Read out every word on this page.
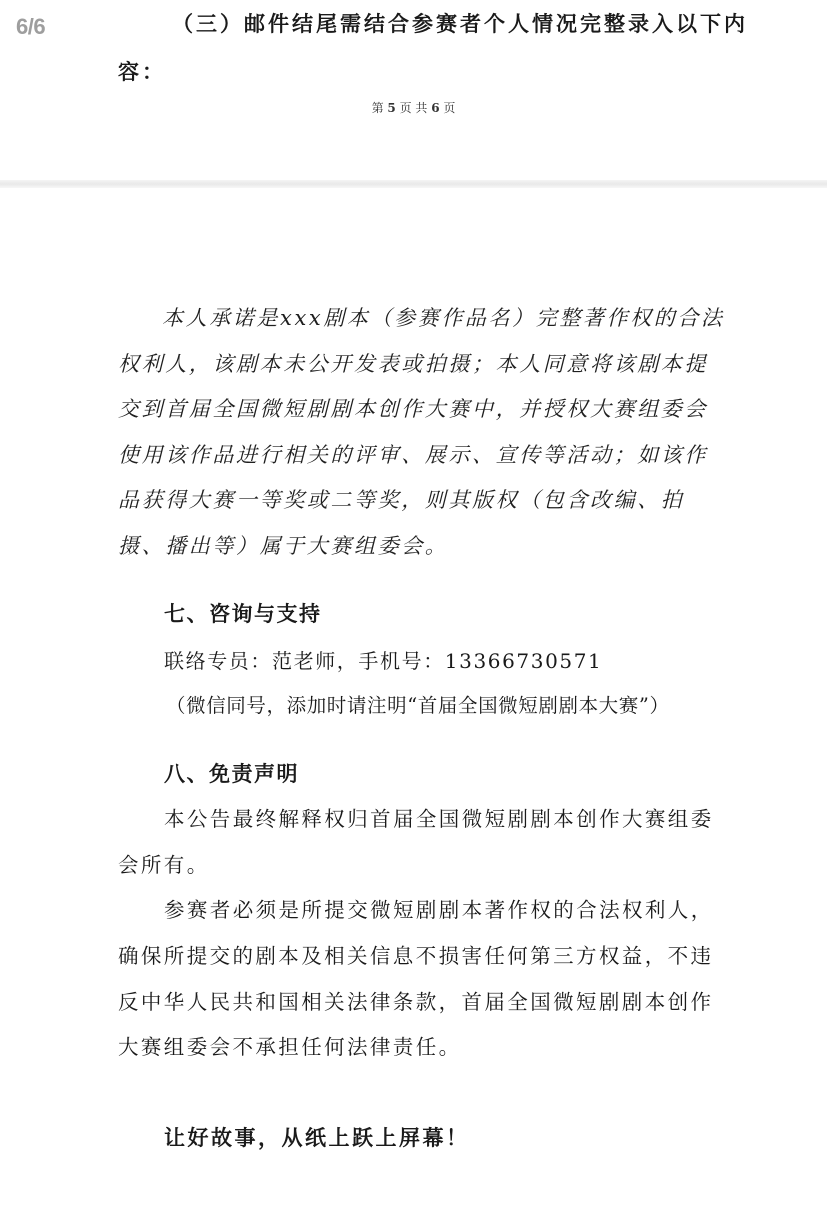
（三）邮件结尾需结合参赛者个人情况完整录入以下内
容：
第 5 页 共 6 页
6/6
本人承诺是xxx剧本（参赛作品名）完整著作权的合法权利人，该剧本未公开发表或拍摄；本人同意将该剧本提交到首届全国微短剧剧本创作大赛中，并授权大赛组委会使用该作品进行相关的评审、展示、宣传等活动；如该作品获得大赛一等奖或二等奖，则其版权（包含改编、拍摄、播出等）属于大赛组委会。
七、咨询与支持
联络专员：范老师，手机号：13366730571
（微信同号，添加时请注明“首届全国微短剧剧本大赛”）
八、免责声明

本公告最终解释权归首届全国微短剧剧本创作大赛组委会所有。

参赛者必须是所提交微短剧剧本著作权的合法权利人，确保所提交的剧本及相关信息不损害任何第三方权益，不违反中华人民共和国相关法律条款，首届全国微短剧剧本创作大赛组委会不承担任何法律责任。

让好故事，从纸上跃上屏幕！
